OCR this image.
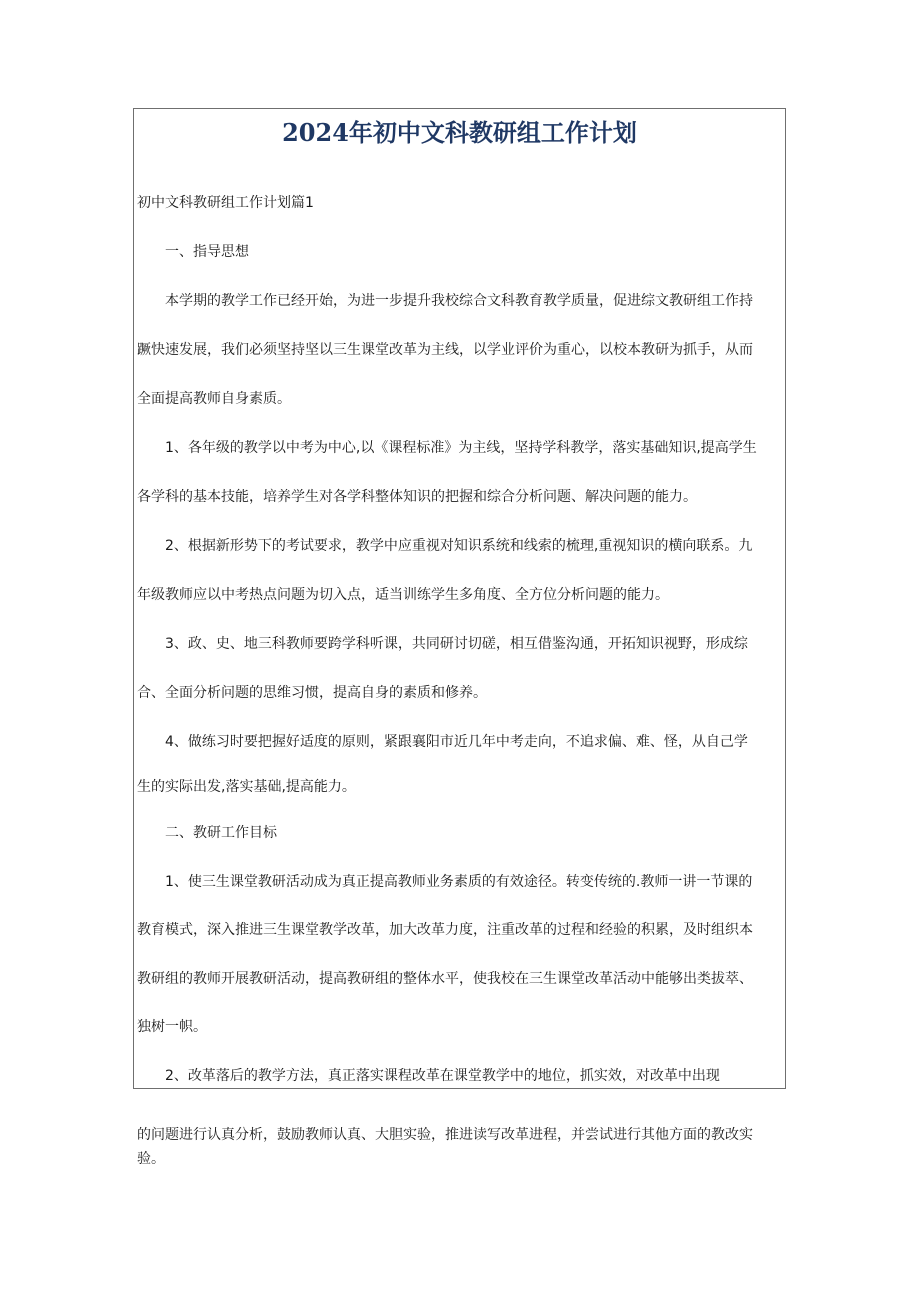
2024年初中文科教研组工作计划
初中文科教研组工作计划篇1
一、指导思想
本学期的教学工作已经开始，为进一步提升我校综合文科教育教学质量，促进综文教研组工作持
蹶快速发展，我们必须坚持坚以三生课堂改革为主线，以学业评价为重心，以校本教研为抓手，从而
全面提高教师自身素质。
1、各年级的教学以中考为中心,以《课程标准》为主线，坚持学科教学，落实基础知识,提高学生
各学科的基本技能，培养学生对各学科整体知识的把握和综合分析问题、解决问题的能力。
2、根据新形势下的考试要求，教学中应重视对知识系统和线索的梳理,重视知识的横向联系。九
年级教师应以中考热点问题为切入点，适当训练学生多角度、全方位分析问题的能力。
3、政、史、地三科教师要跨学科听课，共同研讨切磋，相互借鉴沟通，开拓知识视野，形成综
合、全面分析问题的思维习惯，提高自身的素质和修养。
4、做练习时要把握好适度的原则，紧跟襄阳市近几年中考走向，不追求偏、难、怪，从自己学
生的实际出发,落实基础,提高能力。
二、教研工作目标
1、使三生课堂教研活动成为真正提高教师业务素质的有效途径。转变传统的.教师一讲一节课的
教育模式，深入推进三生课堂教学改革，加大改革力度，注重改革的过程和经验的积累，及时组织本
教研组的教师开展教研活动，提高教研组的整体水平，使我校在三生课堂改革活动中能够出类拔萃、
独树一帜。
2、改革落后的教学方法，真正落实课程改革在课堂教学中的地位，抓实效，对改革中出现
的问题进行认真分析，鼓励教师认真、大胆实验，推进读写改革进程，并尝试进行其他方面的教改实
验。
